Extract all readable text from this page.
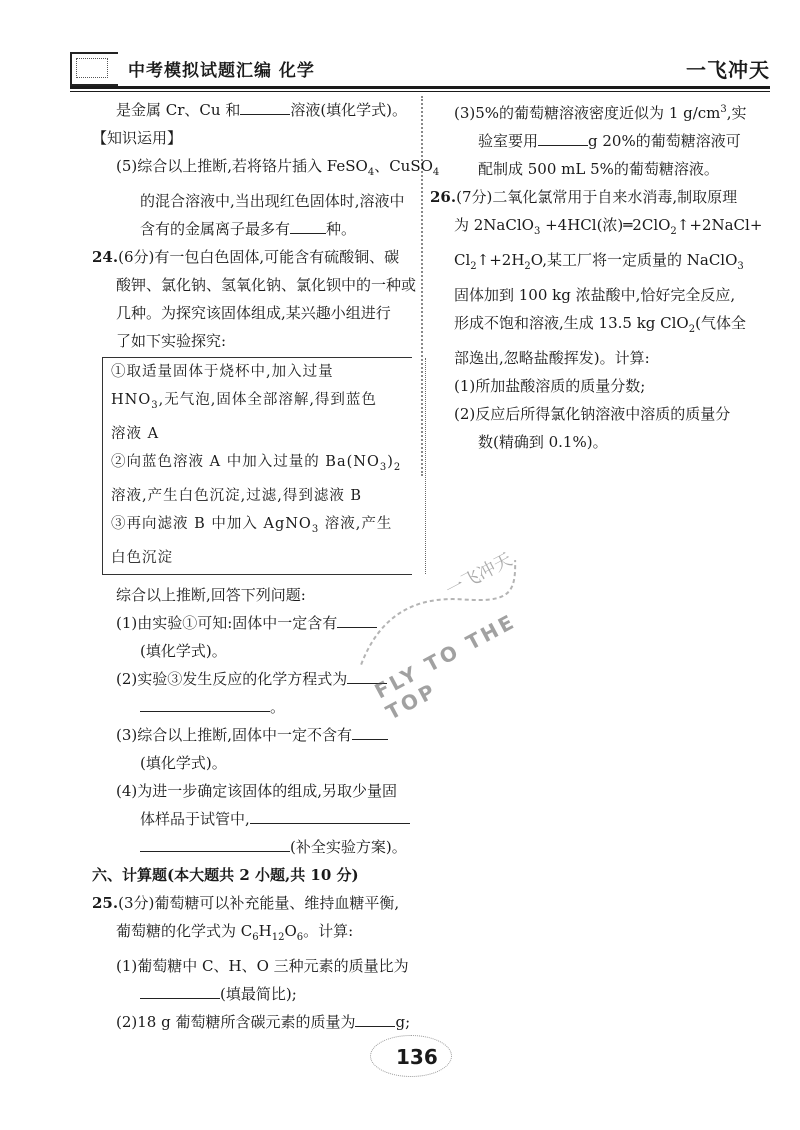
中考模拟试题汇编 化学	一飞冲天
是金属 Cr、Cu 和	溶液(填化学式)。
【知识运用】
(5)综合以上推断,若将铬片插入 FeSO$_4$、CuSO$_4$
的混合溶液中,当出现红色固体时,溶液中
含有的金属离子最多有 种。
24.(6分)有一包白色固体,可能含有硫酸铜、碳
酸钾、氯化钠、氢氧化钠、氯化钡中的一种或
几种。为探究该固体组成,某兴趣小组进行
了如下实验探究:
①取适量固体于烧杯中,加入过量
$HNO_3$,无气泡,固体全部溶解,得到蓝色
溶液 A
②向蓝色溶液 A 中加入过量的 $Ba(NO_3)_2$
溶液,产生白色沉淀,过滤,得到滤液 B
③再向滤液 B 中加入 AgNO$_3$ 溶液,产生
白色沉淀
综合以上推断,回答下列问题:
(1)由实验①可知:固体中一定含有
(填化学式)。
(2)实验③发生反应的化学方程式为
。
(3)综合以上推断,固体中一定不含有
(填化学式)。
(4)为进一步确定该固体的组成,另取少量固
体样品于试管中,
(补全实验方案)。
六、计算题(本大题共 2 小题,共 10 分)
25.(3分)葡萄糖可以补充能量、维持血糖平衡,
葡萄糖的化学式为 $C_6H_{12}O_6$。计算:
(1)葡萄糖中 C、H、O 三种元素的质量比为
(填最简比);
(2)18 g 葡萄糖所含碳元素的质量为	g;
(3)5%的葡萄糖溶液密度近似为 1 $g/cm^3$,实
验室要用	g 20%的葡萄糖溶液可
配制成 500 mL 5%的葡萄糖溶液。
26.(7分)二氧化氯常用于自来水消毒,制取原理
为 2NaClO$_3$ +4HCl(浓)═2ClO$_2$↑+2NaCl+
$Cl_2↑+2H_2O$,某工厂将一定质量的 NaClO$_3$
固体加到 100 kg 浓盐酸中,恰好完全反应,
形成不饱和溶液,生成 13.5 kg ClO$_2$(气体全
部逸出,忽略盐酸挥发)。计算:
(1)所加盐酸溶质的质量分数;
(2)反应后所得氯化钠溶液中溶质的质量分
数(精确到 0.1%)。
一飞冲天
FLY TO THE TOP
136
